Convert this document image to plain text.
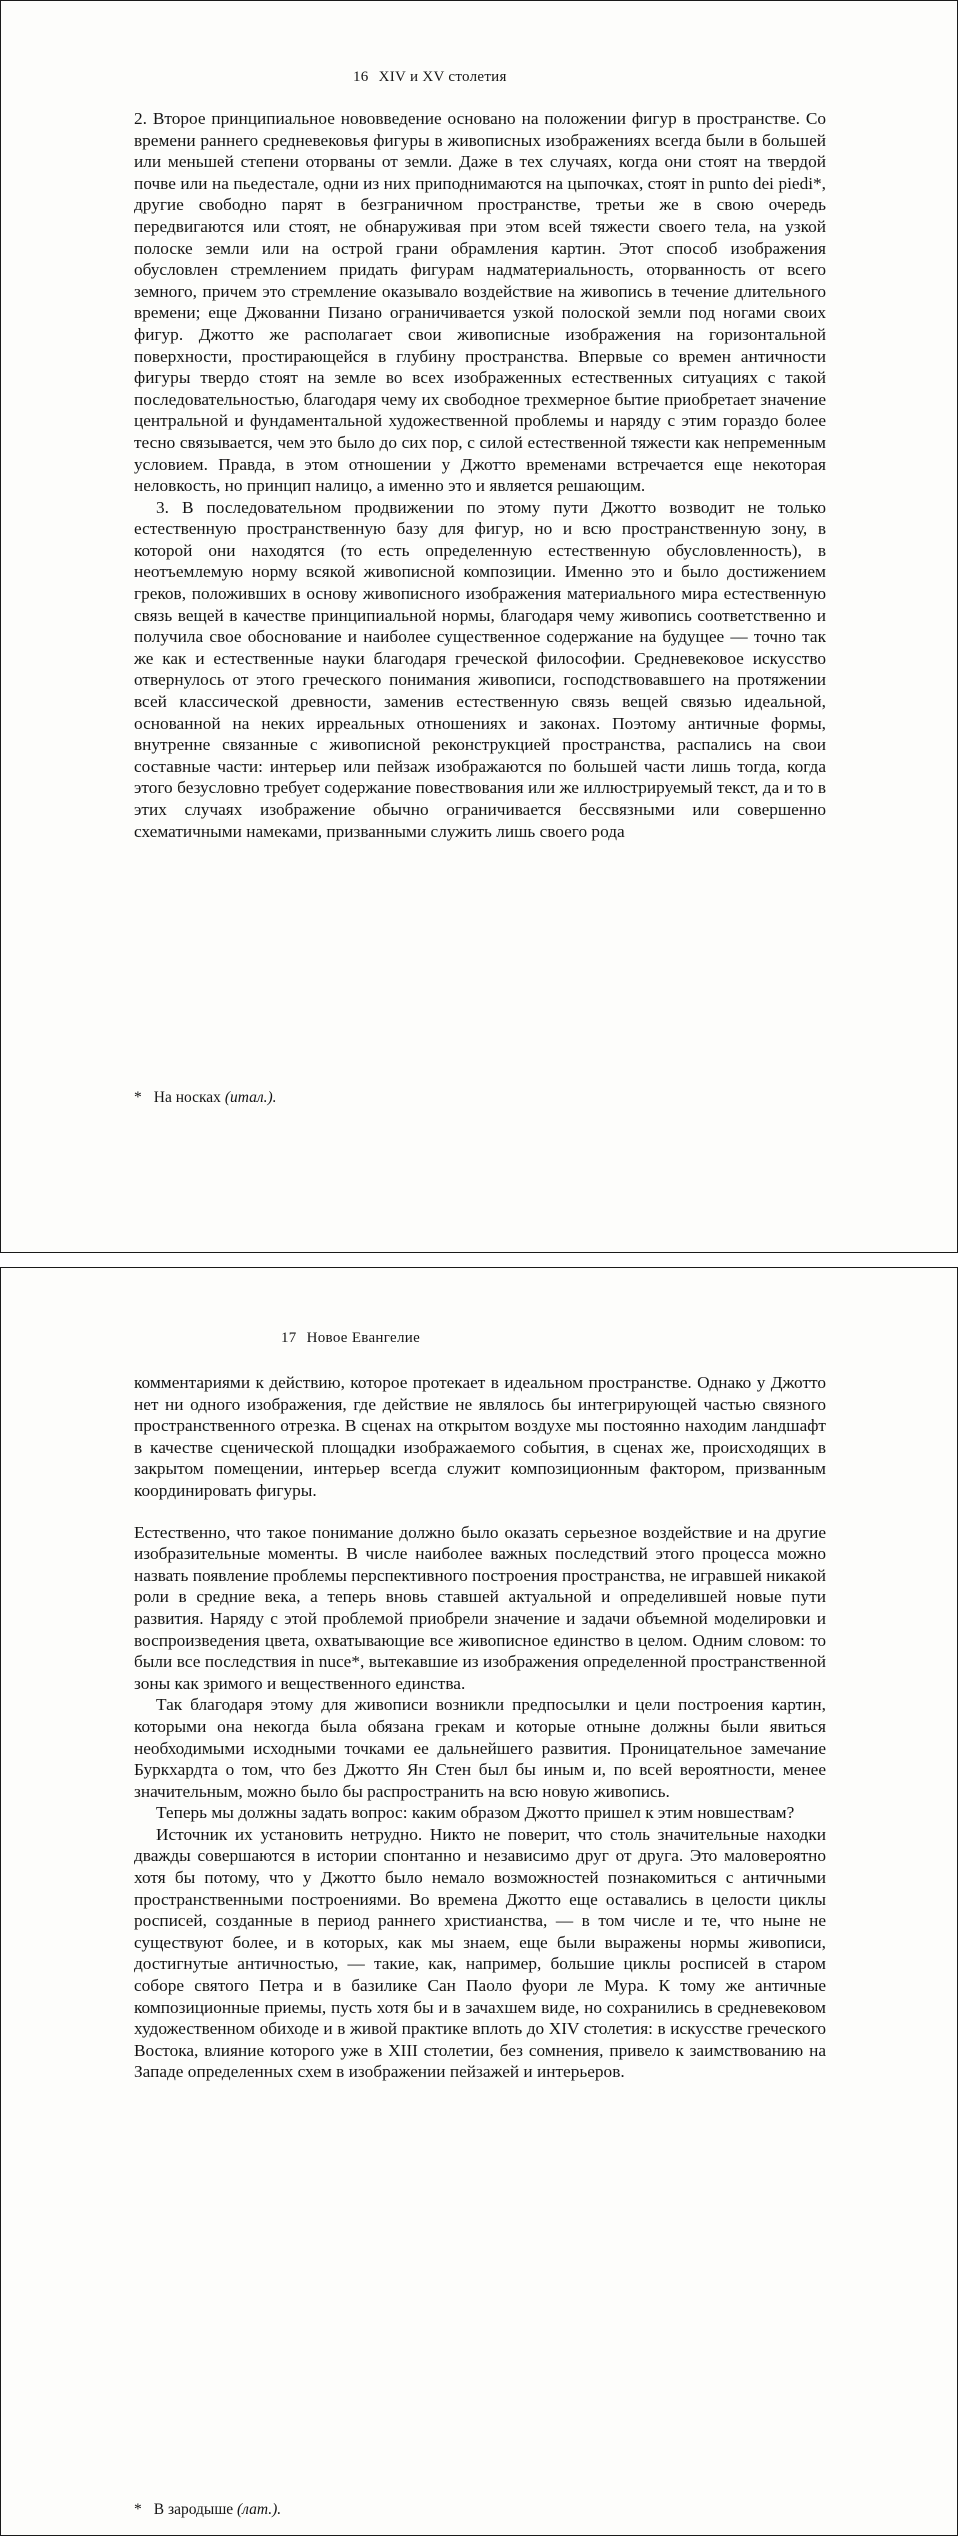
16 XIV и XV столетия

2. Второе принципиальное нововведение основано на положении фигур в пространстве. Со времени раннего средневековья фигуры в живописных изображениях всегда были в большей или меньшей степени оторваны от земли. Даже в тех случаях, когда они стоят на твердой почве или на пьедестале, одни из них приподнимаются на цыпочках, стоят in punto dei piedi*, другие свободно парят в безграничном пространстве, третьи же в свою очередь передвигаются или стоят, не обнаруживая при этом всей тяжести своего тела, на узкой полоске земли или на острой грани обрамления картин. Этот способ изображения обусловлен стремлением придать фигурам надматериальность, оторванность от всего земного, причем это стремление оказывало воздействие на живопись в течение длительного времени; еще Джованни Пизано ограничивается узкой полоской земли под ногами своих фигур. Джотто же располагает свои живописные изображения на горизонтальной поверхности, простирающейся в глубину пространства. Впервые со времен античности фигуры твердо стоят на земле во всех изображенных естественных ситуациях с такой последовательностью, благодаря чему их свободное трехмерное бытие приобретает значение центральной и фундаментальной художественной проблемы и наряду с этим гораздо более тесно связывается, чем это было до сих пор, с силой естественной тяжести как непременным условием. Правда, в этом отношении у Джотто временами встречается еще некоторая неловкость, но принцип налицо, а именно это и является решающим.

3. В последовательном продвижении по этому пути Джотто возводит не только естественную пространственную базу для фигур, но и всю пространственную зону, в которой они находятся (то есть определенную естественную обусловленность), в неотъемлемую норму всякой живописной композиции. Именно это и было достижением греков, положивших в основу живописного изображения материального мира естественную связь вещей в качестве принципиальной нормы, благодаря чему живопись соответственно и получила свое обоснование и наиболее существенное содержание на будущее — точно так же как и естественные науки благодаря греческой философии. Средневековое искусство отвернулось от этого греческого понимания живописи, господствовавшего на протяжении всей классической древности, заменив естественную связь вещей связью идеальной, основанной на неких ирреальных отношениях и законах. Поэтому античные формы, внутренне связанные с живописной реконструкцией пространства, распались на свои составные части: интерьер или пейзаж изображаются по большей части лишь тогда, когда этого безусловно требует содержание повествования или же иллюстрируемый текст, да и то в этих случаях изображение обычно ограничивается бессвязными или совершенно схематичными намеками, призванными служить лишь своего рода

* На носках (итал.).
17 Новое Евангелие

комментариями к действию, которое протекает в идеальном пространстве. Однако у Джотто нет ни одного изображения, где действие не являлось бы интегрирующей частью связного пространственного отрезка. В сценах на открытом воздухе мы постоянно находим ландшафт в качестве сценической площадки изображаемого события, в сценах же, происходящих в закрытом помещении, интерьер всегда служит композиционным фактором, призванным координировать фигуры.

Естественно, что такое понимание должно было оказать серьезное воздействие и на другие изобразительные моменты. В числе наиболее важных последствий этого процесса можно назвать появление проблемы перспективного построения пространства, не игравшей никакой роли в средние века, а теперь вновь ставшей актуальной и определившей новые пути развития. Наряду с этой проблемой приобрели значение и задачи объемной моделировки и воспроизведения цвета, охватывающие все живописное единство в целом. Одним словом: то были все последствия in nuce*, вытекавшие из изображения определенной пространственной зоны как зримого и вещественного единства.

Так благодаря этому для живописи возникли предпосылки и цели построения картин, которыми она некогда была обязана грекам и которые отныне должны были явиться необходимыми исходными точками ее дальнейшего развития. Проницательное замечание Буркхардта о том, что без Джотто Ян Стен был бы иным и, по всей вероятности, менее значительным, можно было бы распространить на всю новую живопись.

Теперь мы должны задать вопрос: каким образом Джотто пришел к этим новшествам?

Источник их установить нетрудно. Никто не поверит, что столь значительные находки дважды совершаются в истории спонтанно и независимо друг от друга. Это маловероятно хотя бы потому, что у Джотто было немало возможностей познакомиться с античными пространственными построениями. Во времена Джотто еще оставались в целости циклы росписей, созданные в период раннего христианства, — в том числе и те, что ныне не существуют более, и в которых, как мы знаем, еще были выражены нормы живописи, достигнутые античностью, — такие, как, например, большие циклы росписей в старом соборе святого Петра и в базилике Сан Паоло фуори ле Мура. К тому же античные композиционные приемы, пусть хотя бы и в зачахшем виде, но сохранились в средневековом художественном обиходе и в живой практике вплоть до XIV столетия: в искусстве греческого Востока, влияние которого уже в XIII столетии, без сомнения, привело к заимствованию на Западе определенных схем в изображении пейзажей и интерьеров.

* В зародыше (лат.).
